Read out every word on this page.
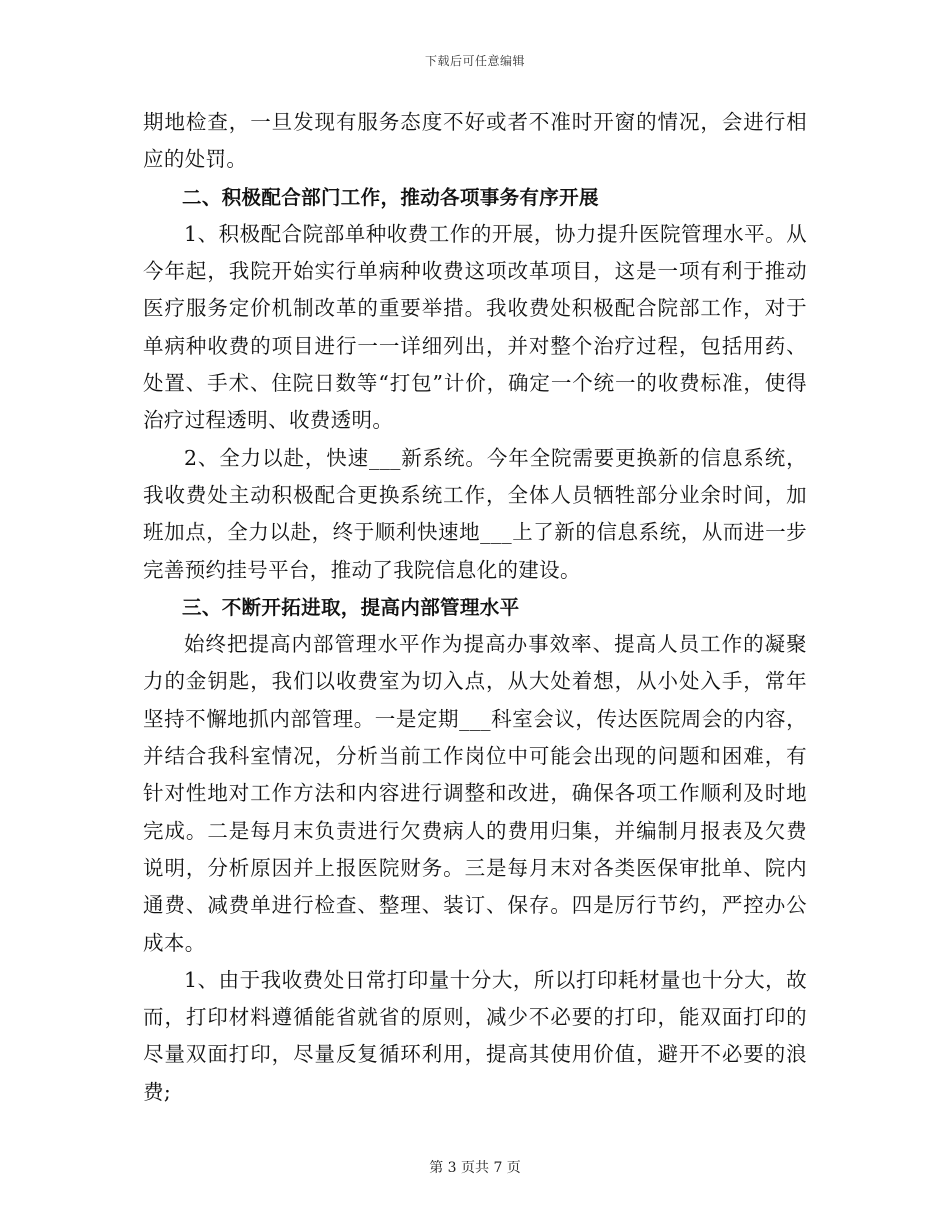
下载后可任意编辑

期地检查，一旦发现有服务态度不好或者不准时开窗的情况，会进行相应的处罚。

二、积极配合部门工作，推动各项事务有序开展

1、积极配合院部单种收费工作的开展，协力提升医院管理水平。从今年起，我院开始实行单病种收费这项改革项目，这是一项有利于推动医疗服务定价机制改革的重要举措。我收费处积极配合院部工作，对于单病种收费的项目进行一一详细列出，并对整个治疗过程，包括用药、处置、手术、住院日数等“打包”计价，确定一个统一的收费标准，使得治疗过程透明、收费透明。

2、全力以赴，快速___新系统。今年全院需要更换新的信息系统，我收费处主动积极配合更换系统工作，全体人员牺牲部分业余时间，加班加点，全力以赴，终于顺利快速地___上了新的信息系统，从而进一步完善预约挂号平台，推动了我院信息化的建设。

三、不断开拓进取，提高内部管理水平

始终把提高内部管理水平作为提高办事效率、提高人员工作的凝聚力的金钥匙，我们以收费室为切入点，从大处着想，从小处入手，常年坚持不懈地抓内部管理。一是定期___科室会议，传达医院周会的内容，并结合我科室情况，分析当前工作岗位中可能会出现的问题和困难，有针对性地对工作方法和内容进行调整和改进，确保各项工作顺利及时地完成。二是每月末负责进行欠费病人的费用归集，并编制月报表及欠费说明，分析原因并上报医院财务。三是每月末对各类医保审批单、院内通费、减费单进行检查、整理、装订、保存。四是厉行节约，严控办公成本。

1、由于我收费处日常打印量十分大，所以打印耗材量也十分大，故而，打印材料遵循能省就省的原则，减少不必要的打印，能双面打印的尽量双面打印，尽量反复循环利用，提高其使用价值，避开不必要的浪费;

第 3 页共 7 页
